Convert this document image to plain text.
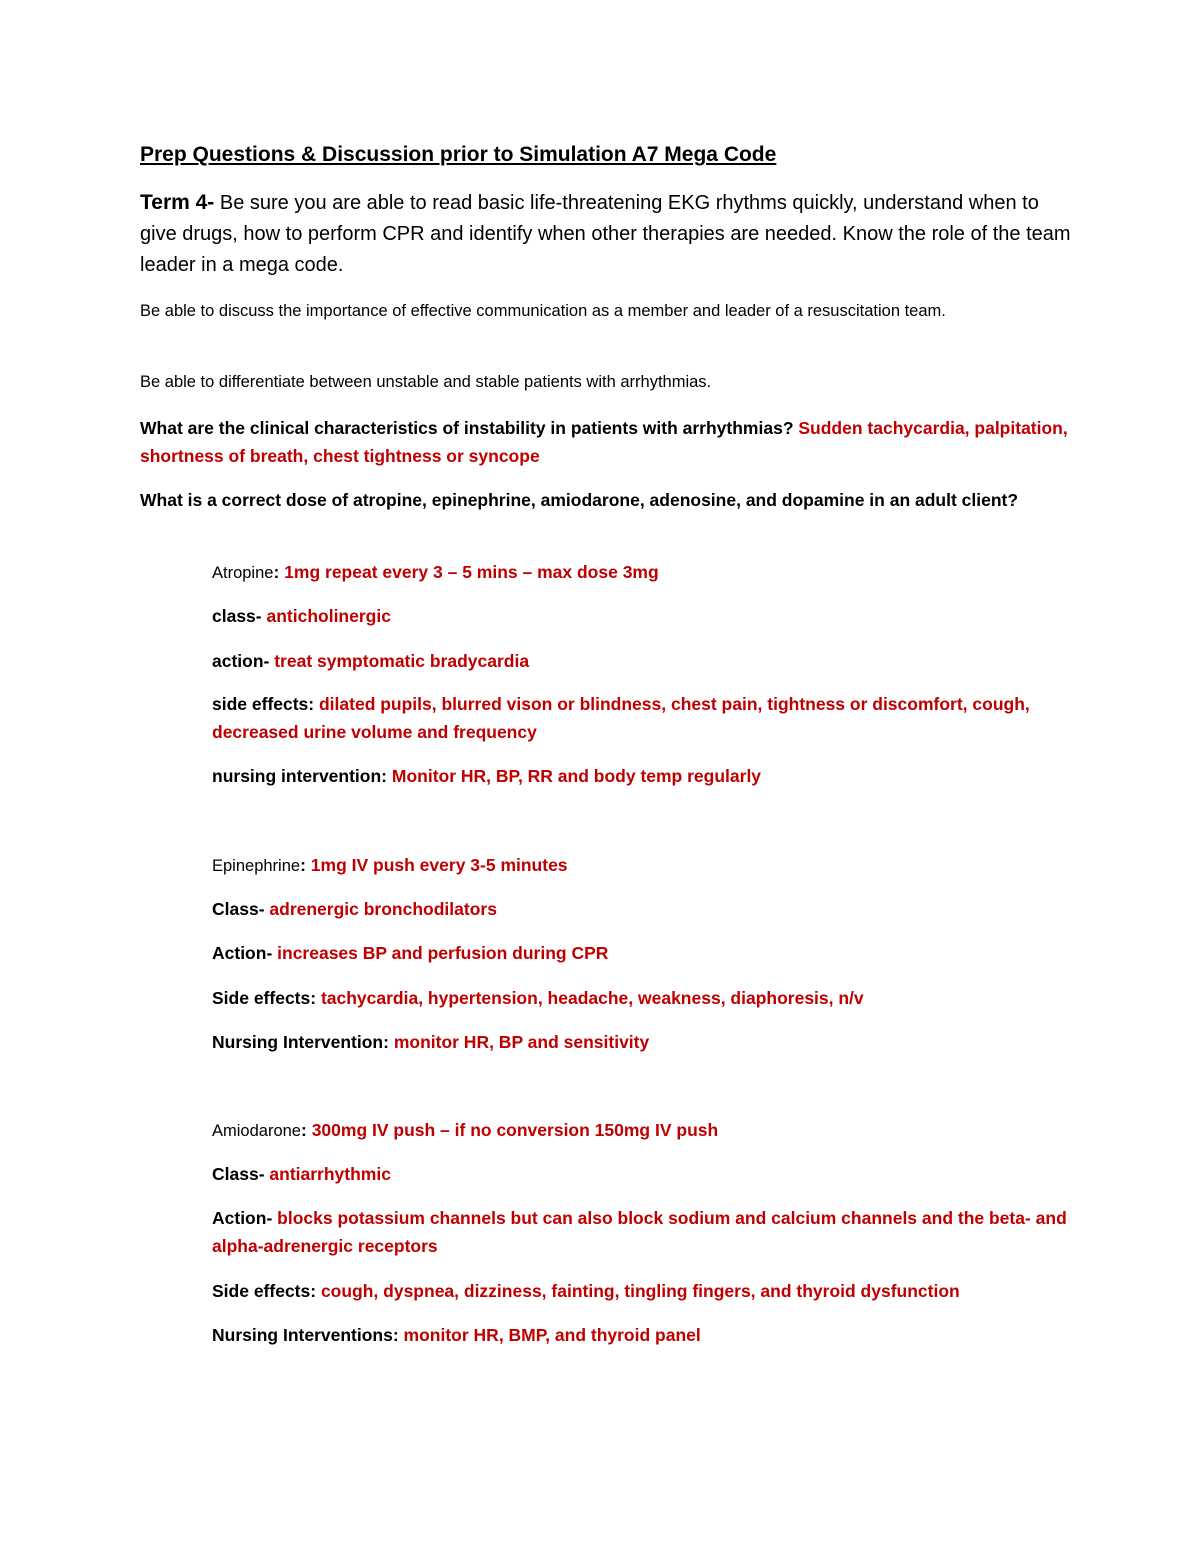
Prep Questions & Discussion prior to Simulation A7 Mega Code

Term 4- Be sure you are able to read basic life-threatening EKG rhythms quickly, understand when to give drugs, how to perform CPR and identify when other therapies are needed. Know the role of the team leader in a mega code.

Be able to discuss the importance of effective communication as a member and leader of a resuscitation team.

Be able to differentiate between unstable and stable patients with arrhythmias.

What are the clinical characteristics of instability in patients with arrhythmias? Sudden tachycardia, palpitation, shortness of breath, chest tightness or syncope

What is a correct dose of atropine, epinephrine, amiodarone, adenosine, and dopamine in an adult client?

Atropine: 1mg repeat every 3 – 5 mins – max dose 3mg

class- anticholinergic

action- treat symptomatic bradycardia

side effects: dilated pupils, blurred vison or blindness, chest pain, tightness or discomfort, cough, decreased urine volume and frequency

nursing intervention: Monitor HR, BP, RR and body temp regularly

Epinephrine: 1mg IV push every 3-5 minutes

Class- adrenergic bronchodilators

Action- increases BP and perfusion during CPR

Side effects: tachycardia, hypertension, headache, weakness, diaphoresis, n/v

Nursing Intervention: monitor HR, BP and sensitivity

Amiodarone: 300mg IV push – if no conversion 150mg IV push

Class- antiarrhythmic

Action- blocks potassium channels but can also block sodium and calcium channels and the beta- and alpha-adrenergic receptors

Side effects: cough, dyspnea, dizziness, fainting, tingling fingers, and thyroid dysfunction

Nursing Interventions: monitor HR, BMP, and thyroid panel
